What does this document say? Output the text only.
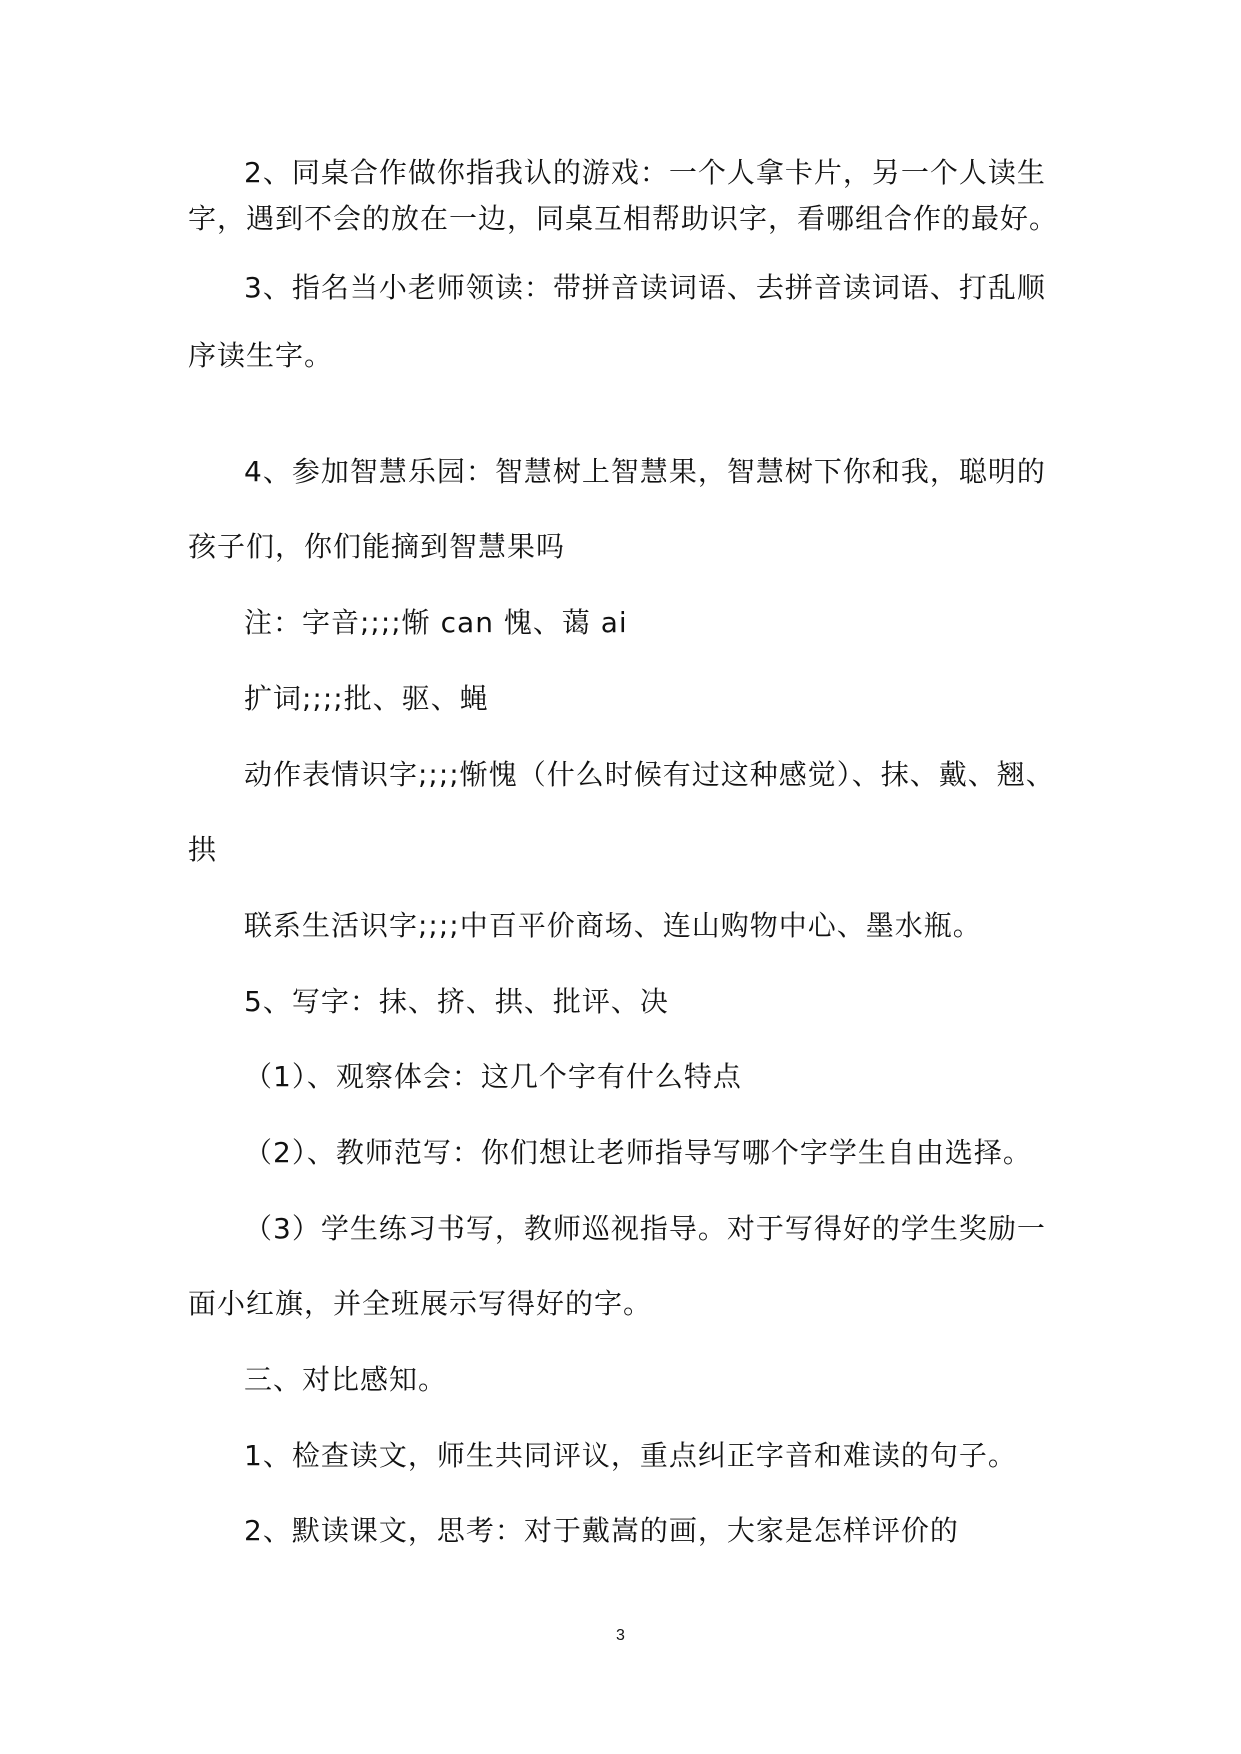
2、同桌合作做你指我认的游戏：一个人拿卡片，另一个人读生
字，遇到不会的放在一边，同桌互相帮助识字，看哪组合作的最好。
3、指名当小老师领读：带拼音读词语、去拼音读词语、打乱顺
序读生字。
4、参加智慧乐园：智慧树上智慧果，智慧树下你和我，聪明的
孩子们，你们能摘到智慧果吗
注：字音;;;;惭 can 愧、蔼 ai
扩词;;;;批、驱、蝇
动作表情识字;;;;惭愧（什么时候有过这种感觉）、抹、戴、翘、
拱
联系生活识字;;;;中百平价商场、连山购物中心、墨水瓶。
5、写字：抹、挤、拱、批评、决
（1）、观察体会：这几个字有什么特点
（2）、教师范写：你们想让老师指导写哪个字学生自由选择。
（3）学生练习书写，教师巡视指导。对于写得好的学生奖励一
面小红旗，并全班展示写得好的字。
三、对比感知。
1、检查读文，师生共同评议，重点纠正字音和难读的句子。
2、默读课文，思考：对于戴嵩的画，大家是怎样评价的
3
